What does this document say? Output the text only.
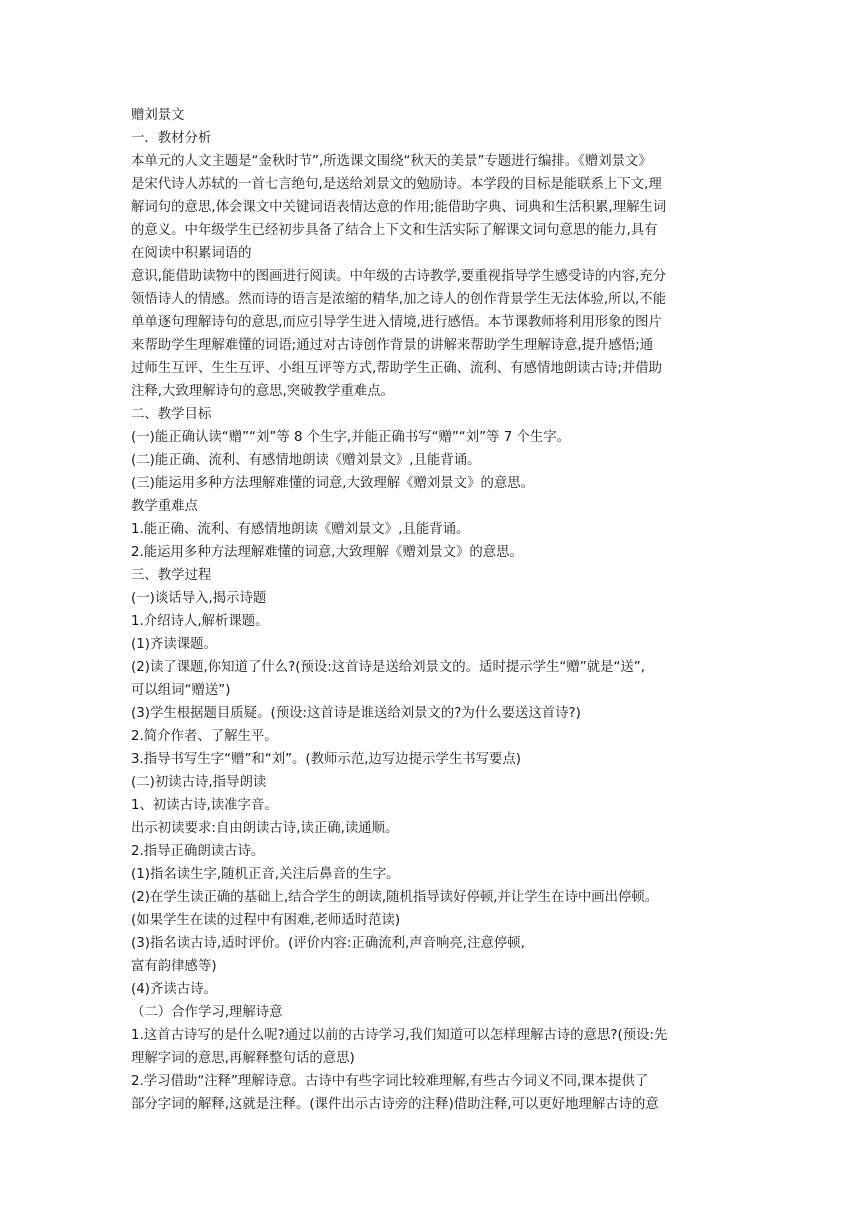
赠刘景文
一．教材分析
本单元的人文主题是“金秋时节”,所选课文围绕“秋天的美景”专题进行编排。《赠刘景文》
是宋代诗人苏轼的一首七言绝句,是送给刘景文的勉励诗。本学段的目标是能联系上下文,理
解词句的意思,体会课文中关键词语表情达意的作用;能借助字典、词典和生活积累,理解生词
的意义。中年级学生已经初步具备了结合上下文和生活实际了解课文词句意思的能力,具有
在阅读中积累词语的
意识,能借助读物中的图画进行阅读。中年级的古诗教学,要重视指导学生感受诗的内容,充分
领悟诗人的情感。然而诗的语言是浓缩的精华,加之诗人的创作背景学生无法体验,所以,不能
单单逐句理解诗句的意思,而应引导学生进入情境,进行感悟。本节课教师将利用形象的图片
来帮助学生理解难懂的词语;通过对古诗创作背景的讲解来帮助学生理解诗意,提升感悟;通
过师生互评、生生互评、小组互评等方式,帮助学生正确、流利、有感情地朗读古诗;并借助
注释,大致理解诗句的意思,突破教学重难点。
二、教学目标
(一)能正确认读“赠”“刘”等 8 个生字,并能正确书写“赠”“刘”等 7 个生字。
(二)能正确、流利、有感情地朗读《赠刘景文》,且能背诵。
(三)能运用多种方法理解难懂的词意,大致理解《赠刘景文》的意思。
教学重难点
1.能正确、流利、有感情地朗读《赠刘景文》,且能背诵。
2.能运用多种方法理解难懂的词意,大致理解《赠刘景文》的意思。
三、教学过程
(一)谈话导入,揭示诗题
1.介绍诗人,解析课题。
(1)齐读课题。
(2)读了课题,你知道了什么?(预设:这首诗是送给刘景文的。适时提示学生“赠”就是“送”,
可以组词“赠送”)
(3)学生根据题目质疑。(预设:这首诗是谁送给刘景文的?为什么要送这首诗?)
2.简介作者、了解生平。
3.指导书写生字“赠”和“刘”。(教师示范,边写边提示学生书写要点)
(二)初读古诗,指导朗读
1、初读古诗,读准字音。
出示初读要求:自由朗读古诗,读正确,读通顺。
2.指导正确朗读古诗。
(1)指名读生字,随机正音,关注后鼻音的生字。
(2)在学生读正确的基础上,结合学生的朗读,随机指导读好停顿,并让学生在诗中画出停顿。
(如果学生在读的过程中有困难,老师适时范读)
(3)指名读古诗,适时评价。(评价内容:正确流利,声音响亮,注意停顿,
富有韵律感等)
(4)齐读古诗。
（二）合作学习,理解诗意
1.这首古诗写的是什么呢?通过以前的古诗学习,我们知道可以怎样理解古诗的意思?(预设:先
理解字词的意思,再解释整句话的意思)
2.学习借助“注释”理解诗意。古诗中有些字词比较难理解,有些古今词义不同,课本提供了
部分字词的解释,这就是注释。(课件出示古诗旁的注释)借助注释,可以更好地理解古诗的意
